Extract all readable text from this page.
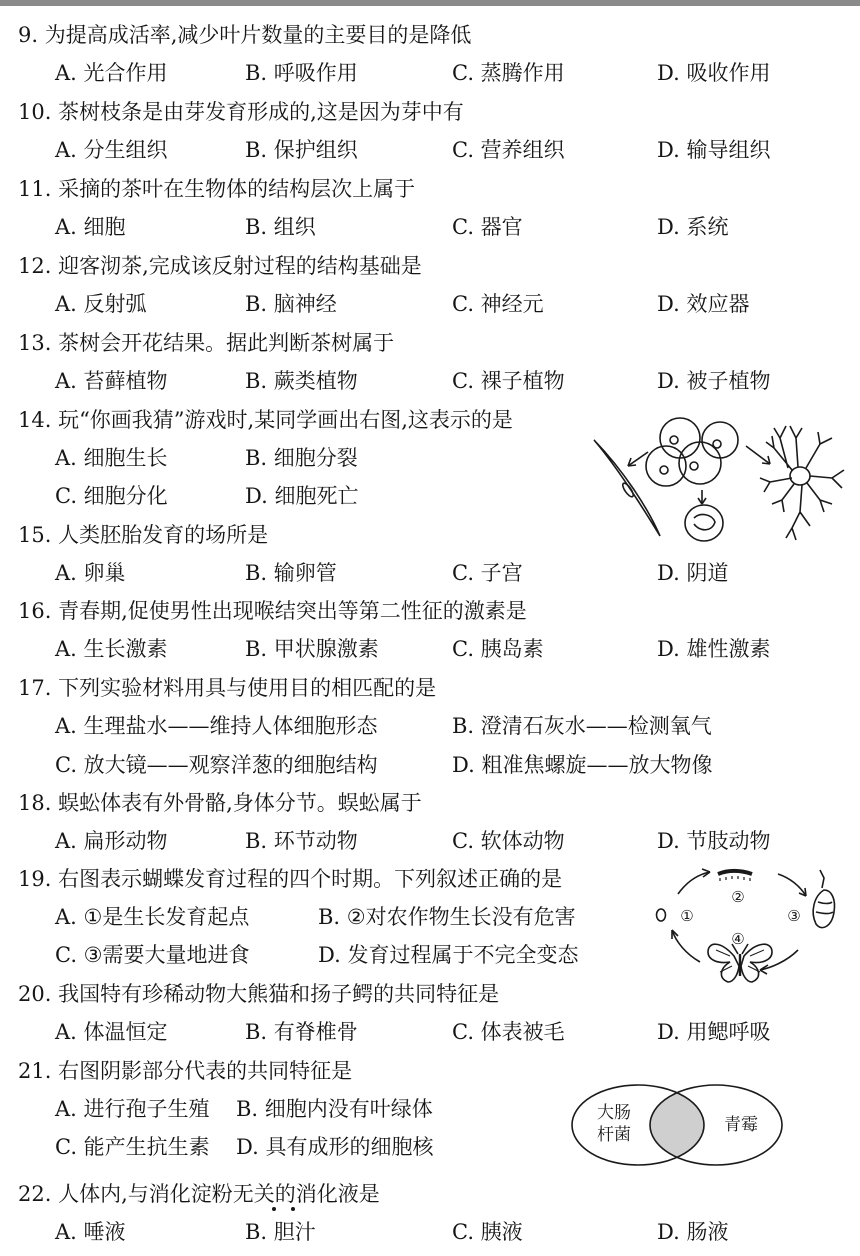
9. 为提高成活率,减少叶片数量的主要目的是降低
A. 光合作用	B. 呼吸作用	C. 蒸腾作用	D. 吸收作用
10. 茶树枝条是由芽发育形成的,这是因为芽中有
A. 分生组织	B. 保护组织	C. 营养组织	D. 输导组织
11. 采摘的茶叶在生物体的结构层次上属于
A. 细胞	B. 组织	C. 器官	D. 系统
12. 迎客沏茶,完成该反射过程的结构基础是
A. 反射弧	B. 脑神经	C. 神经元	D. 效应器
13. 茶树会开花结果。据此判断茶树属于
A. 苔藓植物	B. 蕨类植物	C. 裸子植物	D. 被子植物
14. 玩“你画我猜”游戏时,某同学画出右图,这表示的是
A. 细胞生长	B. 细胞分裂
C. 细胞分化	D. 细胞死亡
15. 人类胚胎发育的场所是
A. 卵巢	B. 输卵管	C. 子宫	D. 阴道
16. 青春期,促使男性出现喉结突出等第二性征的激素是
A. 生长激素	B. 甲状腺激素	C. 胰岛素	D. 雄性激素
17. 下列实验材料用具与使用目的相匹配的是
A. 生理盐水——维持人体细胞形态	B. 澄清石灰水——检测氧气
C. 放大镜——观察洋葱的细胞结构	D. 粗准焦螺旋——放大物像
18. 蜈蚣体表有外骨骼,身体分节。蜈蚣属于
A. 扁形动物	B. 环节动物	C. 软体动物	D. 节肢动物
19. 右图表示蝴蝶发育过程的四个时期。下列叙述正确的是
A. ①是生长发育起点	B. ②对农作物生长没有危害
C. ③需要大量地进食	D. 发育过程属于不完全变态
①
②
③
④
20. 我国特有珍稀动物大熊猫和扬子鳄的共同特征是
A. 体温恒定	B. 有脊椎骨	C. 体表被毛	D. 用鳃呼吸
21. 右图阴影部分代表的共同特征是
A. 进行孢子生殖 B. 细胞内没有叶绿体
C. 能产生抗生素 D. 具有成形的细胞核
大肠
杆菌	青霉
22. 人体内,与消化淀粉无关的消化液是
A. 唾液	B. 胆汁	C. 胰液	D. 肠液
